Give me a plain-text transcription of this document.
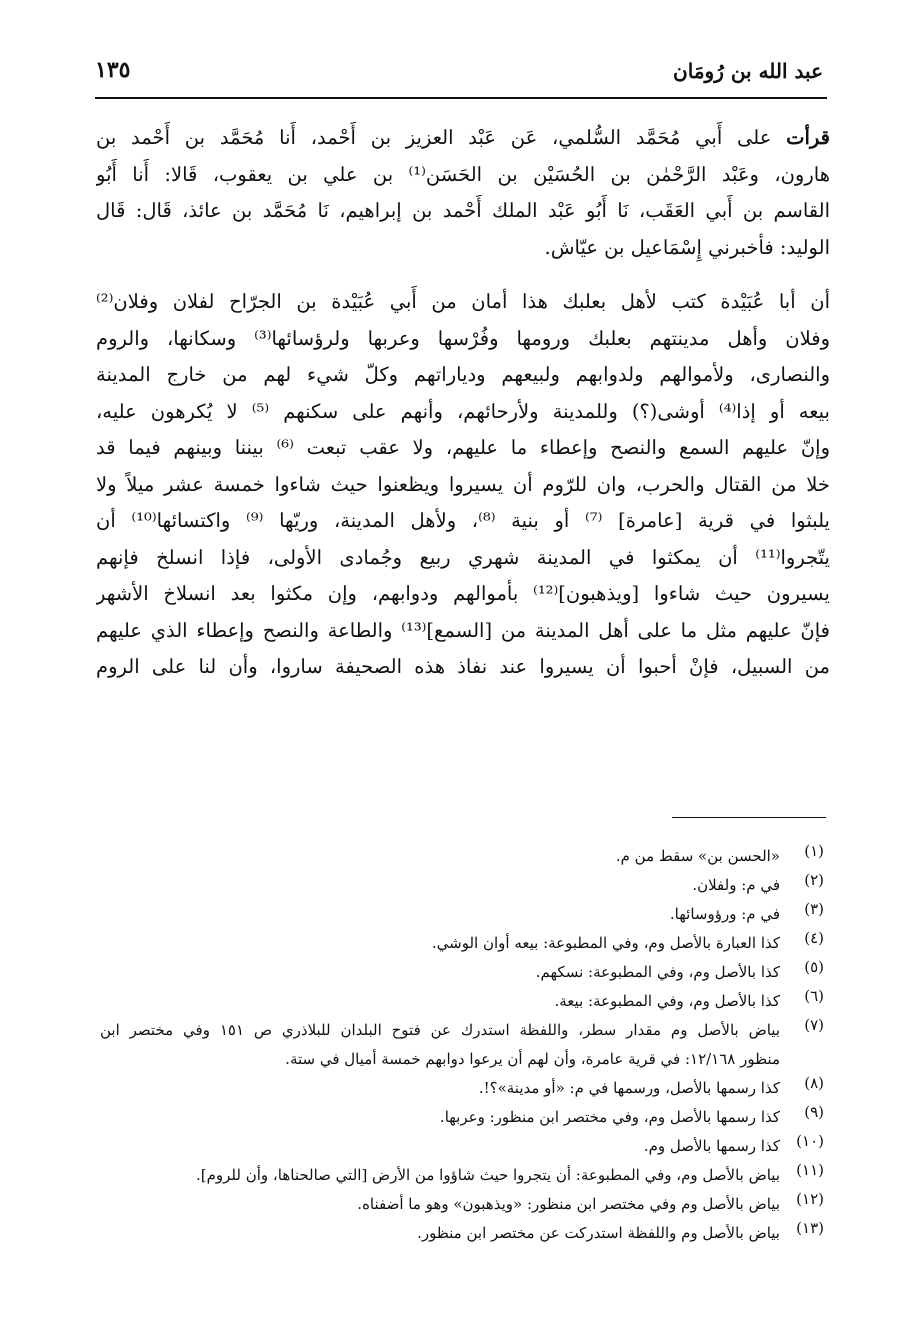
عبد الله بن رُومَان
١٣٥
قرأت على أَبي مُحَمَّد السُّلمي، عَن عَبْد العزيز بن أَحْمد، أَنا مُحَمَّد بن أَحْمد بن
هارون، وعَبْد الرَّحْمٰن بن الحُسَيْن بن الحَسَن⁽¹⁾ بن علي بن يعقوب، قَالا: أَنا أَبُو
القاسم بن أَبي العَقَب، نَا أَبُو عَبْد الملك أَحْمد بن إبراهيم، نَا مُحَمَّد بن عائذ، قَال: قَال
الوليد: فأخبرني إِسْمَاعيل بن عيّاش.
أن أبا عُبَيْدة كتب لأهل بعلبك هذا أمان من أَبي عُبَيْدة بن الجرّاح لفلان وفلان⁽²⁾
وفلان وأهل مدينتهم بعلبك ورومها وفُرْسها وعربها ولرؤسائها⁽³⁾ وسكانها، والروم
والنصارى، ولأموالهم ولدوابهم ولبيعهم ودياراتهم وكلّ شيء لهم من خارج المدينة
بيعه أو إذا⁽⁴⁾ أوشى(؟) وللمدينة ولأرحائهم، وأنهم على سكنهم ⁽⁵⁾ لا يُكرهون عليه،
وإنّ عليهم السمع والنصح وإعطاء ما عليهم، ولا عقب تبعت ⁽⁶⁾ بيننا وبينهم فيما قد
خلا من القتال والحرب، وان للرّوم أن يسيروا ويظعنوا حيث شاءوا خمسة عشر ميلاً ولا
يلبثوا في قرية [عامرة] ⁽⁷⁾ أو بنية ⁽⁸⁾، ولأهل المدينة، وريّها ⁽⁹⁾ واكتسائها⁽¹⁰⁾ أن
يتّجروا⁽¹¹⁾ أن يمكثوا في المدينة شهري ربيع وجُمادى الأولى، فإذا انسلخ فإنهم
يسيرون حيث شاءوا [ويذهبون]⁽¹²⁾ بأموالهم ودوابهم، وإن مكثوا بعد انسلاخ الأشهر
فإنّ عليهم مثل ما على أهل المدينة من [السمع]⁽¹³⁾ والطاعة والنصح وإعطاء الذي عليهم
من السبيل، فإنْ أحبوا أن يسيروا عند نفاذ هذه الصحيفة ساروا، وأن لنا على الروم
(١)
«الحسن بن» سقط من م.
(٢)
في م: ولفلان.
(٣)
في م: ورؤوسائها.
(٤)
كذا العبارة بالأصل وم، وفي المطبوعة: بيعه أوان الوشي.
(٥)
كذا بالأصل وم، وفي المطبوعة: نسكهم.
(٦)
كذا بالأصل وم، وفي المطبوعة: بيعة.
(٧)
بياض بالأصل وم مقدار سطر، واللفظة استدرك عن فتوح البلدان للبلاذري ص ١٥١ وفي مختصر ابن
منظور ١٢/١٦٨: في قرية عامرة، وأن لهم أن يرعوا دوابهم خمسة أميال في ستة.
(٨)
كذا رسمها بالأصل، ورسمها في م: «أو مدينة»؟!.
(٩)
كذا رسمها بالأصل وم، وفي مختصر ابن منظور: وعربها.
(١٠)
كذا رسمها بالأصل وم.
(١١)
بياض بالأصل وم، وفي المطبوعة: أن يتجروا حيث شاؤوا من الأرض [التي صالحناها، وأن للروم].
(١٢)
بياض بالأصل وم وفي مختصر ابن منظور: «ويذهبون» وهو ما أضفناه.
(١٣)
بياض بالأصل وم واللفظة استدركت عن مختصر ابن منظور.
